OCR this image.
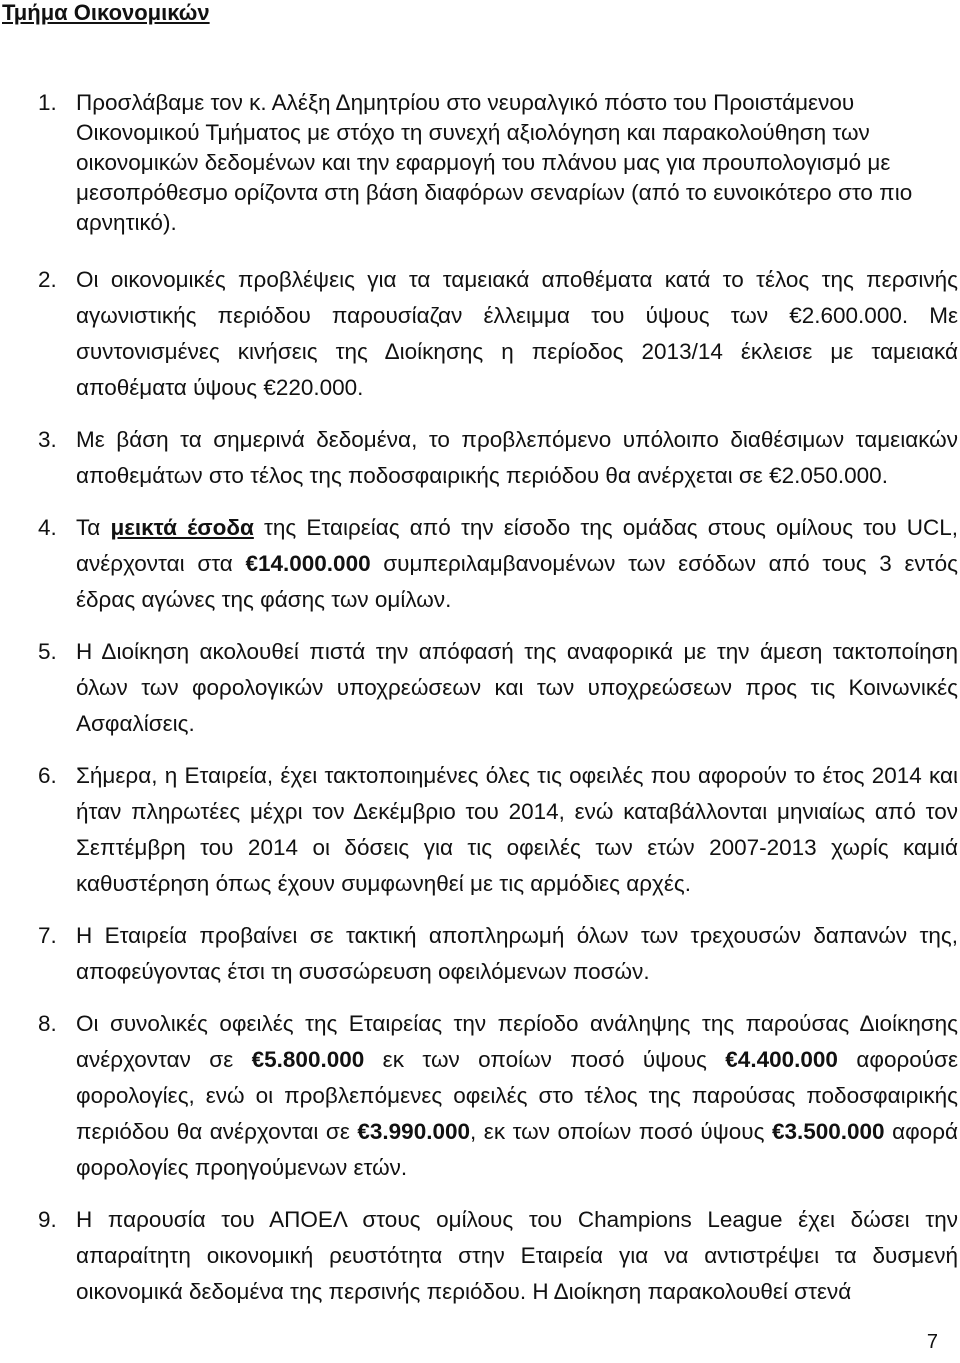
Τμήμα Οικονομικών
1. Προσλάβαμε τον κ. Αλέξη Δημητρίου στο νευραλγικό πόστο του Προιστάμενου Οικονομικού Τμήματος με στόχο τη συνεχή αξιολόγηση και παρακολούθηση των οικονομικών δεδομένων και την εφαρμογή του πλάνου μας για προυπολογισμό με μεσοπρόθεσμο ορίζοντα στη βάση διαφόρων σεναρίων (από το ευνοικότερο στο πιο αρνητικό).
2. Οι οικονομικές προβλέψεις για τα ταμειακά αποθέματα κατά το τέλος της περσινής αγωνιστικής περιόδου παρουσίαζαν έλλειμμα του ύψους των €2.600.000. Με συντονισμένες κινήσεις της Διοίκησης η περίοδος 2013/14 έκλεισε με ταμειακά αποθέματα ύψους €220.000.
3. Με βάση τα σημερινά δεδομένα, το προβλεπόμενο υπόλοιπο διαθέσιμων ταμειακών αποθεμάτων στο τέλος της ποδοσφαιρικής περιόδου θα ανέρχεται σε €2.050.000.
4. Τα μεικτά έσοδα της Εταιρείας από την είσοδο της ομάδας στους ομίλους του UCL, ανέρχονται στα €14.000.000 συμπεριλαμβανομένων των εσόδων από τους 3 εντός έδρας αγώνες της φάσης των ομίλων.
5. Η Διοίκηση ακολουθεί πιστά την απόφασή της αναφορικά με την άμεση τακτοποίηση όλων των φορολογικών υποχρεώσεων και των υποχρεώσεων προς τις Κοινωνικές Ασφαλίσεις.
6. Σήμερα, η Εταιρεία, έχει τακτοποιημένες όλες τις οφειλές που αφορούν το έτος 2014 και ήταν πληρωτέες μέχρι τον Δεκέμβριο του 2014, ενώ καταβάλλονται μηνιαίως από τον Σεπτέμβρη του 2014 οι δόσεις για τις οφειλές των ετών 2007-2013 χωρίς καμιά καθυστέρηση όπως έχουν συμφωνηθεί με τις αρμόδιες αρχές.
7. Η Εταιρεία προβαίνει σε τακτική αποπληρωμή όλων των τρεχουσών δαπανών της, αποφεύγοντας έτσι τη συσσώρευση οφειλόμενων ποσών.
8. Οι συνολικές οφειλές της Εταιρείας την περίοδο ανάληψης της παρούσας Διοίκησης ανέρχονταν σε €5.800.000 εκ των οποίων ποσό ύψους €4.400.000 αφορούσε φορολογίες, ενώ οι προβλεπόμενες οφειλές στο τέλος της παρούσας ποδοσφαιρικής περιόδου θα ανέρχονται σε €3.990.000, εκ των οποίων ποσό ύψους €3.500.000 αφορά φορολογίες προηγούμενων ετών.
9. Η παρουσία του ΑΠΟΕΛ στους ομίλους του Champions League έχει δώσει την απαραίτητη οικονομική ρευστότητα στην Εταιρεία για να αντιστρέψει τα δυσμενή οικονομικά δεδομένα της περσινής περιόδου. Η Διοίκηση παρακολουθεί στενά
7
